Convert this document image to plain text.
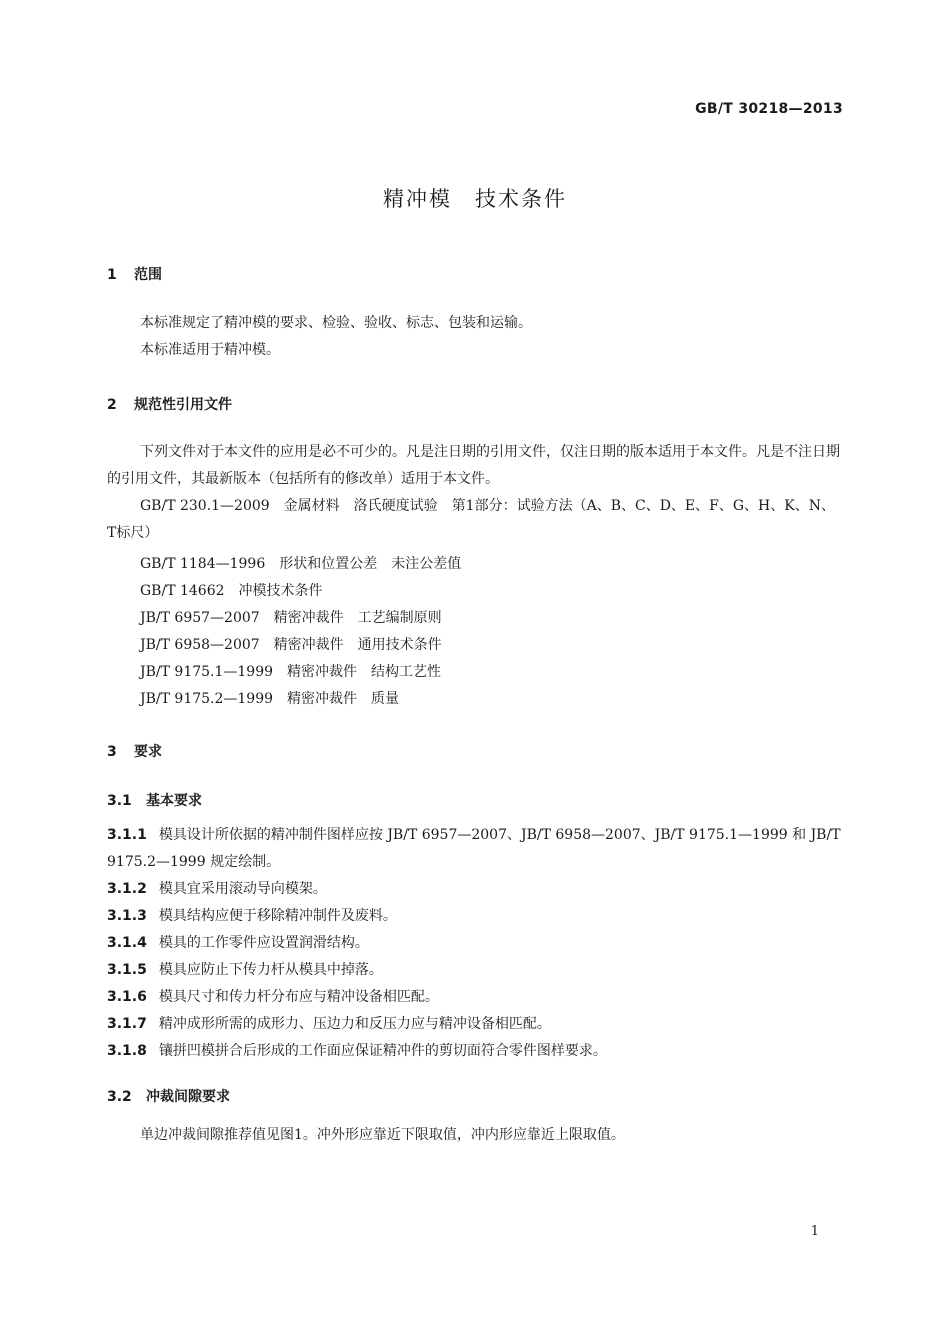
GB/T 30218—2013
精冲模　技术条件
1 范围
本标准规定了精冲模的要求、检验、验收、标志、包装和运输。
本标准适用于精冲模。
2 规范性引用文件
下列文件对于本文件的应用是必不可少的。凡是注日期的引用文件，仅注日期的版本适用于本文件。凡是不注日期的引用文件，其最新版本（包括所有的修改单）适用于本文件。
GB/T 230.1—2009　金属材料　洛氏硬度试验　第1部分：试验方法（A、B、C、D、E、F、G、H、K、N、T标尺）
GB/T 1184—1996　形状和位置公差　未注公差值
GB/T 14662　冲模技术条件
JB/T 6957—2007　精密冲裁件　工艺编制原则
JB/T 6958—2007　精密冲裁件　通用技术条件
JB/T 9175.1—1999　精密冲裁件　结构工艺性
JB/T 9175.2—1999　精密冲裁件　质量
3 要求
3.1 基本要求
3.1.1 模具设计所依据的精冲制件图样应按 JB/T 6957—2007、JB/T 6958—2007、JB/T 9175.1—1999 和 JB/T 9175.2—1999 规定绘制。
3.1.2 模具宜采用滚动导向模架。
3.1.3 模具结构应便于移除精冲制件及废料。
3.1.4 模具的工作零件应设置润滑结构。
3.1.5 模具应防止下传力杆从模具中掉落。
3.1.6 模具尺寸和传力杆分布应与精冲设备相匹配。
3.1.7 精冲成形所需的成形力、压边力和反压力应与精冲设备相匹配。
3.1.8 镶拼凹模拼合后形成的工作面应保证精冲件的剪切面符合零件图样要求。
3.2 冲裁间隙要求
单边冲裁间隙推荐值见图1。冲外形应靠近下限取值，冲内形应靠近上限取值。
1
